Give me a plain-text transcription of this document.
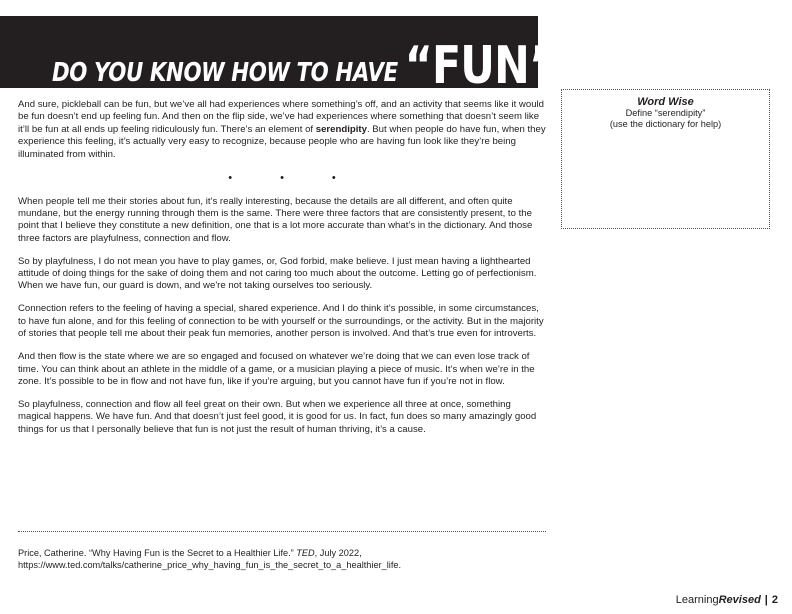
DO YOU KNOW HOW TO HAVE “FUN”?

And sure, pickleball can be fun, but we’ve all had experiences where something’s off, and an activity that seems like it would be fun doesn’t end up feeling fun. And then on the flip side, we’ve had experiences where something that doesn’t seem like it’ll be fun at all ends up feeling ridiculously fun. There’s an element of serendipity. But when people do have fun, when they experience this feeling, it’s actually very easy to recognize, because people who are having fun look like they’re being illuminated from within.

•	•	•

When people tell me their stories about fun, it’s really interesting, because the details are all different, and often quite mundane, but the energy running through them is the same. There were three factors that are consistently present, to the point that I believe they constitute a new definition, one that is a lot more accurate than what’s in the dictionary. And those three factors are playfulness, connection and flow.

So by playfulness, I do not mean you have to play games, or, God forbid, make believe. I just mean having a lighthearted attitude of doing things for the sake of doing them and not caring too much about the outcome. Letting go of perfectionism. When we have fun, our guard is down, and we're not taking ourselves too seriously.

Connection refers to the feeling of having a special, shared experience. And I do think it’s possible, in some circumstances, to have fun alone, and for this feeling of connection to be with yourself or the surroundings, or the activity. But in the majority of stories that people tell me about their peak fun memories, another person is involved. And that’s true even for introverts.

And then flow is the state where we are so engaged and focused on whatever we’re doing that we can even lose track of time. You can think about an athlete in the middle of a game, or a musician playing a piece of music. It’s when we’re in the zone. It’s possible to be in flow and not have fun, like if you’re arguing, but you cannot have fun if you’re not in flow.

So playfulness, connection and flow all feel great on their own. But when we experience all three at once, something magical happens. We have fun. And that doesn’t just feel good, it is good for us. In fact, fun does so many amazingly good things for us that I personally believe that fun is not just the result of human thriving, it’s a cause.

Word Wise
Define “serendipity”
(use the dictionary for help)
Price, Catherine. “Why Having Fun is the Secret to a Healthier Life.” TED, July 2022, https://www.ted.com/talks/catherine_price_why_having_fun_is_the_secret_to_a_healthier_life.
LearningRevised | 2
